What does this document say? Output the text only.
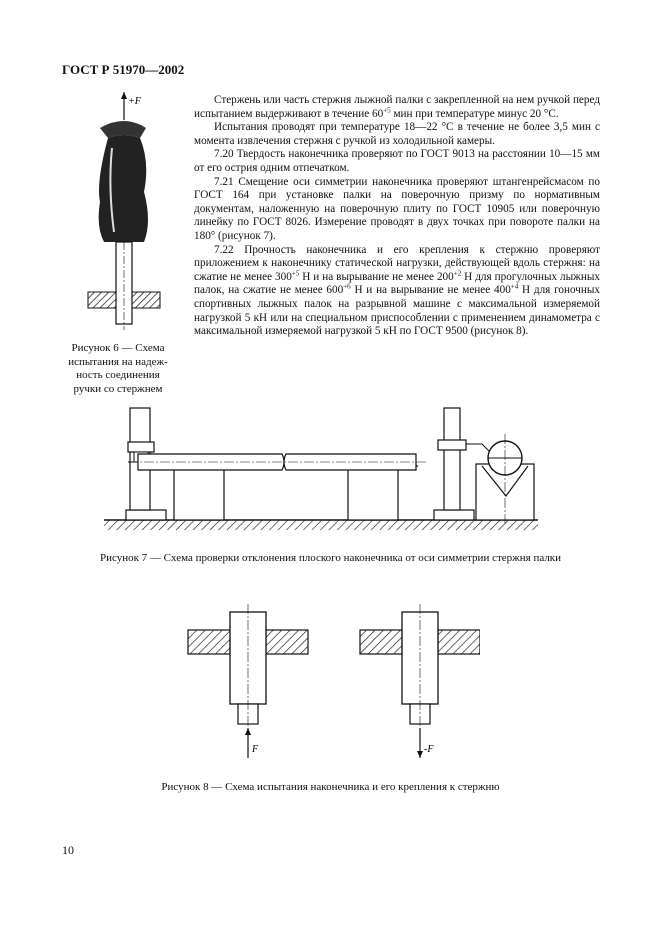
ГОСТ Р 51970—2002
+F
Рисунок 6 — Схема
испытания на надеж-
ность соединения
ручки со стержнем

Стержень или часть стержня лыжной палки с закрепленной на нем ручкой перед испытанием выдерживают в течение $60^{+5}$ мин при температуре минус 20 °С.

Испытания проводят при температуре 18—22 °С в течение не более 3,5 мин с момента извлечения стержня с ручкой из холодильной камеры.

7.20 Твердость наконечника проверяют по ГОСТ 9013 на расстоянии 10—15 мм от его острия одним отпечатком.

7.21 Смещение оси симметрии наконечника проверяют штангенрейсмасом по ГОСТ 164 при установке палки на поверочную призму по нормативным документам, наложенную на поверочную плиту по ГОСТ 10905 или поверочную линейку по ГОСТ 8026. Измерение проводят в двух точках при повороте палки на 180° (рисунок 7).

7.22 Прочность наконечника и его крепления к стержню проверяют приложением к наконечнику статической нагрузки, действующей вдоль стержня: на сжатие не менее $300^{+5}$ Н и на вырывание не менее $200^{+2}$ Н для прогулочных лыжных палок, на сжатие не менее $600^{+6}$ Н и на вырывание не менее $400^{+4}$ Н для гоночных спортивных лыжных палок на разрывной машине с максимальной измеряемой нагрузкой 5 кН или на специальном приспособлении с применением динамометра с максимальной измеряемой нагрузкой 5 кН по ГОСТ 9500 (рисунок 8).

Рисунок 7 — Схема проверки отклонения плоского наконечника от оси симметрии стержня палки
F	-F
Рисунок 8 — Схема испытания наконечника и его крепления к стержню
10
